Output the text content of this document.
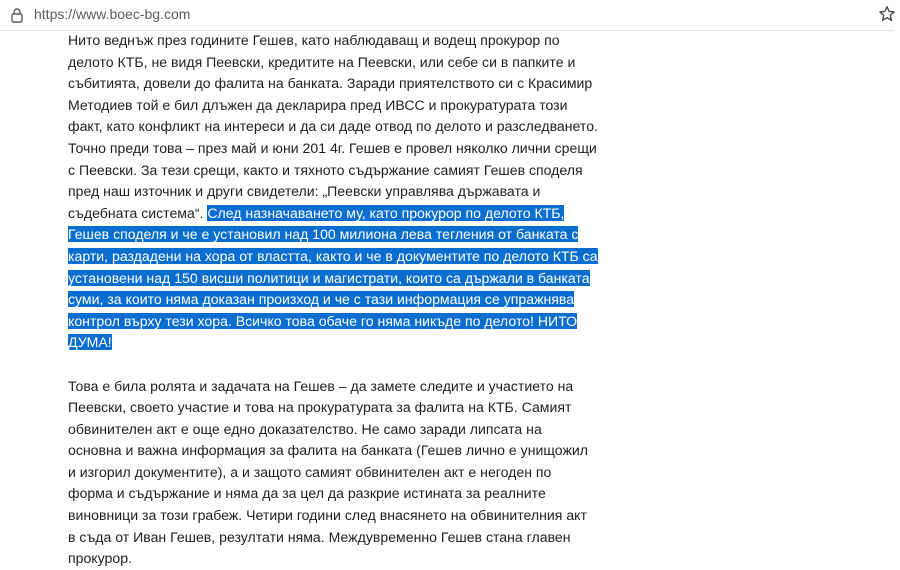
https://www.boec-bg.com

Нито веднъж през годините Гешев, като наблюдаващ и водещ прокурор по делото КТБ, не видя Пеевски, кредитите на Пеевски, или себе си в папките и събитията, довели до фалита на банката. Заради приятелството си с Красимир Методиев той е бил длъжен да декларира пред ИВСС и прокуратурата този факт, като конфликт на интереси и да си даде отвод по делото и разследването. Точно преди това – през май и юни 201 4г. Гешев е провел няколко лични срещи с Пеевски. За тези срещи, както и тяхното съдържание самият Гешев споделя пред наш източник и други свидетели: „Пеевски управлява държавата и съдебната система“. След назначаването му, като прокурор по делото КТБ, Гешев споделя и че е установил над 100 милиона лева тегления от банката с карти, раздадени на хора от властта, както и че в документите по делото КТБ са установени над 150 висши политици и магистрати, които са държали в банката суми, за които няма доказан произход и че с тази информация се упражнява контрол върху тези хора. Всичко това обаче го няма никъде по делото! НИТО ДУМА!

Това е била ролята и задачата на Гешев – да замете следите и участието на Пеевски, своето участие и това на прокуратурата за фалита на КТБ. Самият обвинителен акт е още едно доказателство. Не само заради липсата на основна и важна информация за фалита на банката (Гешев лично е унищожил и изгорил документите), а и защото самият обвинителен акт е негоден по форма и съдържание и няма да за цел да разкрие истината за реалните виновници за този грабеж. Четири години след внасянето на обвинителния акт в съда от Иван Гешев, резултати няма. Междувременно Гешев стана главен прокурор.
